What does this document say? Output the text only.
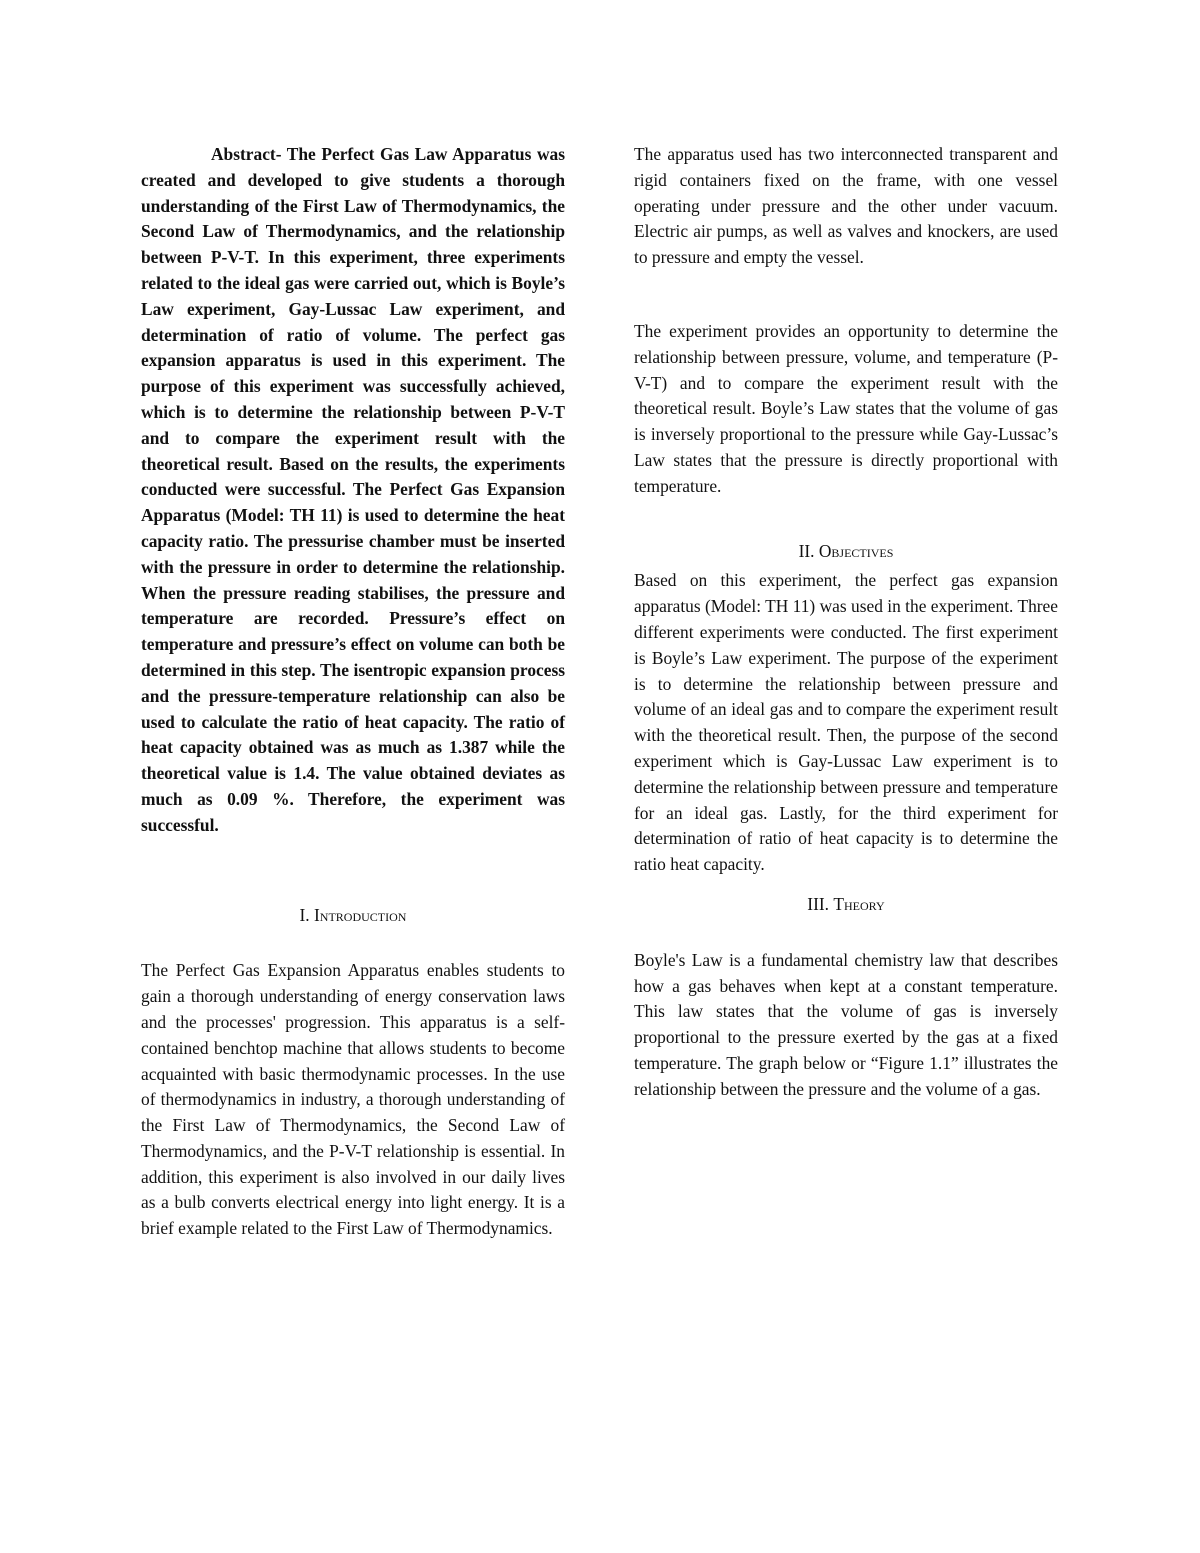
Abstract- The Perfect Gas Law Apparatus was created and developed to give students a thorough understanding of the First Law of Thermodynamics, the Second Law of Thermodynamics, and the relationship between P-V-T. In this experiment, three experiments related to the ideal gas were carried out, which is Boyle’s Law experiment, Gay-Lussac Law experiment, and determination of ratio of volume. The perfect gas expansion apparatus is used in this experiment. The purpose of this experiment was successfully achieved, which is to determine the relationship between P-V-T and to compare the experiment result with the theoretical result. Based on the results, the experiments conducted were successful. The Perfect Gas Expansion Apparatus (Model: TH 11) is used to determine the heat capacity ratio. The pressurise chamber must be inserted with the pressure in order to determine the relationship. When the pressure reading stabilises, the pressure and temperature are recorded. Pressure’s effect on temperature and pressure’s effect on volume can both be determined in this step. The isentropic expansion process and the pressure-temperature relationship can also be used to calculate the ratio of heat capacity. The ratio of heat capacity obtained was as much as 1.387 while the theoretical value is 1.4. The value obtained deviates as much as 0.09 %. Therefore, the experiment was successful.

I. Introduction

The Perfect Gas Expansion Apparatus enables students to gain a thorough understanding of energy conservation laws and the processes' progression. This apparatus is a self-contained benchtop machine that allows students to become acquainted with basic thermodynamic processes. In the use of thermodynamics in industry, a thorough understanding of the First Law of Thermodynamics, the Second Law of Thermodynamics, and the P-V-T relationship is essential. In addition, this experiment is also involved in our daily lives as a bulb converts electrical energy into light energy. It is a brief example related to the First Law of Thermodynamics.

The apparatus used has two interconnected transparent and rigid containers fixed on the frame, with one vessel operating under pressure and the other under vacuum. Electric air pumps, as well as valves and knockers, are used to pressure and empty the vessel.

The experiment provides an opportunity to determine the relationship between pressure, volume, and temperature (P-V-T) and to compare the experiment result with the theoretical result. Boyle’s Law states that the volume of gas is inversely proportional to the pressure while Gay-Lussac’s Law states that the pressure is directly proportional with temperature.

II. Objectives

Based on this experiment, the perfect gas expansion apparatus (Model: TH 11) was used in the experiment. Three different experiments were conducted. The first experiment is Boyle’s Law experiment. The purpose of the experiment is to determine the relationship between pressure and volume of an ideal gas and to compare the experiment result with the theoretical result. Then, the purpose of the second experiment which is Gay-Lussac Law experiment is to determine the relationship between pressure and temperature for an ideal gas. Lastly, for the third experiment for determination of ratio of heat capacity is to determine the ratio heat capacity.

III. Theory

Boyle's Law is a fundamental chemistry law that describes how a gas behaves when kept at a constant temperature. This law states that the volume of gas is inversely proportional to the pressure exerted by the gas at a fixed temperature. The graph below or “Figure 1.1” illustrates the relationship between the pressure and the volume of a gas.
